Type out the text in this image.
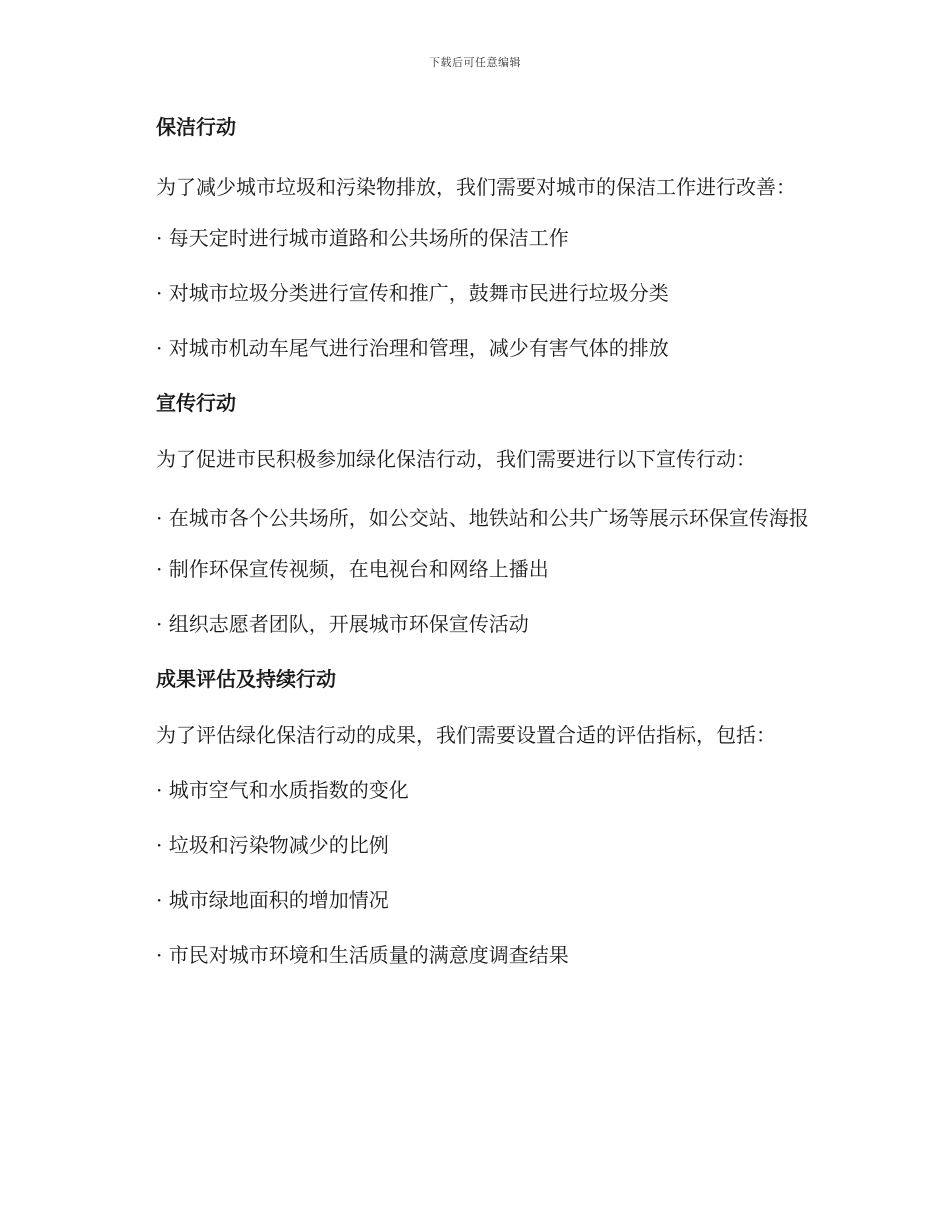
下载后可任意编辑
保洁行动

为了减少城市垃圾和污染物排放，我们需要对城市的保洁工作进行改善：

· 每天定时进行城市道路和公共场所的保洁工作

· 对城市垃圾分类进行宣传和推广，鼓舞市民进行垃圾分类

· 对城市机动车尾气进行治理和管理，减少有害气体的排放

宣传行动

为了促进市民积极参加绿化保洁行动，我们需要进行以下宣传行动：

· 在城市各个公共场所，如公交站、地铁站和公共广场等展示环保宣传海报

· 制作环保宣传视频，在电视台和网络上播出

· 组织志愿者团队，开展城市环保宣传活动

成果评估及持续行动

为了评估绿化保洁行动的成果，我们需要设置合适的评估指标，包括：

· 城市空气和水质指数的变化

· 垃圾和污染物减少的比例

· 城市绿地面积的增加情况

· 市民对城市环境和生活质量的满意度调查结果
